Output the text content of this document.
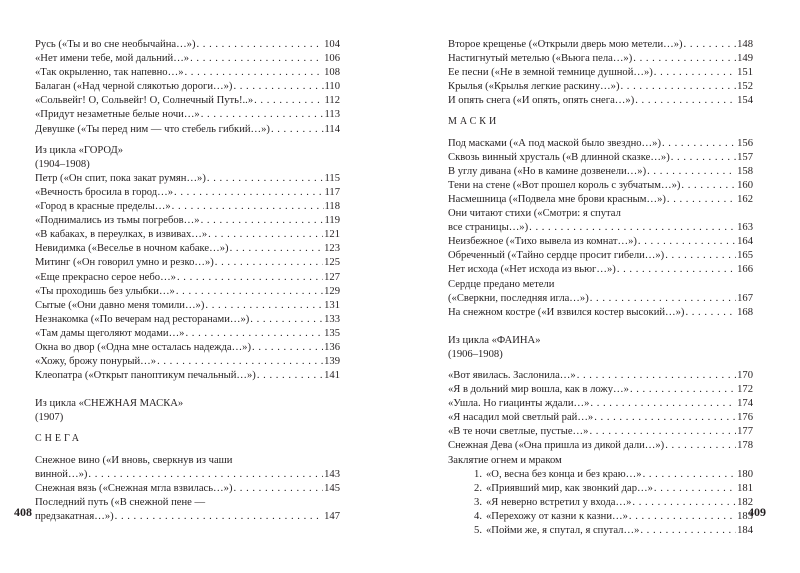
Русь («Ты и во сне необычайна…») . . .	104
«Нет имени тебе, мой дальний…» . . .	106
«Так окрыленно, так напевно…» . . .	108
Балаган («Над черной слякотью дороги…») . . .	110
«Сольвейг! О, Сольвейг! О, Солнечный Путь!..» . . .	112
«Придут незаметные белые ночи…» . . .	113
Девушке («Ты перед ним — что стебель гибкий…») . . .	114
Из цикла «ГОРОД»
(1904–1908)
Петр («Он спит, пока закат румян…») . . .	115
«Вечность бросила в город…» . . .	117
«Город в красные пределы…» . . .	118
«Поднимались из тьмы погребов…» . . .	119
«В кабаках, в переулках, в извивах…» . . .	121
Невидимка («Веселье в ночном кабаке…») . . .	123
Митинг («Он говорил умно и резко…») . . .	125
«Еще прекрасно серое небо…» . . .	127
«Ты проходишь без улыбки…» . . .	129
Сытые («Они давно меня томили…») . . .	131
Незнакомка («По вечерам над ресторанами…») . . .	133
«Там дамы щеголяют модами…» . . .	135
Окна во двор («Одна мне осталась надежда…») . . .	136
«Хожу, брожу понурый…» . . .	139
Клеопатра («Открыт паноптикум печальный…») . . .	141
Из цикла «СНЕЖНАЯ МАСКА»
(1907)
СНЕГА
Снежное вино («И вновь, сверкнув из чаши
винной…») . . .	143
Снежная вязь («Снежная мгла взвилась…») . . .	145
Последний путь («В снежной пене —
предзакатная…») . . .	147
408
Второе крещенье («Открыли дверь мою метели…») . . .	148
Настигнутый метелью («Вьюга пела…») . . .	149
Ее песни («Не в земной темнице душной…») . . .	151
Крылья («Крылья легкие раскину…») . . .	152
И опять снега («И опять, опять снега…») . . .	154
МАСКИ
Под масками («А под маской было звездно…») . . .	156
Сквозь винный хрусталь («В длинной сказке…») . . .	157
В углу дивана («Но в камине дозвенели…») . . .	158
Тени на стене («Вот прошел король с зубчатым…») . . .	160
Насмешница («Подвела мне брови красным…») . . .	162
Они читают стихи («Смотри: я спутал
все страницы…») . . .	163
Неизбежное («Тихо вывела из комнат…») . . .	164
Обреченный («Тайно сердце просит гибели…») . . .	165
Нет исхода («Нет исхода из вьюг…») . . .	166
Сердце предано метели
(«Сверкни, последняя игла…») . . .	167
На снежном костре («И взвился костер высокий…») . . .	168
Из цикла «ФАИНА»
(1906–1908)
«Вот явилась. Заслонила…» . . .	170
«Я в дольний мир вошла, как в ложу…» . . .	172
«Ушла. Но гиацинты ждали…» . . .	174
«Я насадил мой светлый рай…» . . .	176
«В те ночи светлые, пустые…» . . .	177
Снежная Дева («Она пришла из дикой дали…») . . .	178
Заклятие огнем и мраком
1. «О, весна без конца и без краю…» . . .	180
2. «Приявший мир, как звонкий дар…» . . .	181
3. «Я неверно встретил у входа…» . . .	182
4. «Перехожу от казни к казни…» . . .	183
5. «Пойми же, я спутал, я спутал…» . . .	184
409
